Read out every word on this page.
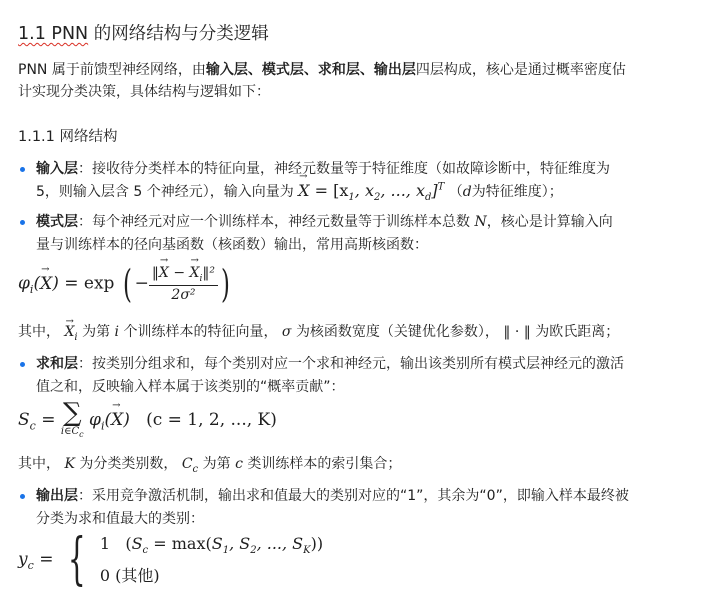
1.1 PNN 的网络结构与分类逻辑
PNN 属于前馈型神经网络，由输入层、模式层、求和层、输出层四层构成，核心是通过概率密度估
计实现分类决策，具体结构与逻辑如下：
1.1.1 网络结构
输入层：接收待分类样本的特征向量，神经元数量等于特征维度（如故障诊断中，特征维度为
5，则输入层含 5 个神经元），输入向量为 → $X = [x_1$, $x_2$, ..., $x_d]^T$ （d为特征维度）；
模式层：每个神经元对应一个训练样本，神经元数量等于训练样本总数 N，核心是计算输入向
量与训练样本的径向基函数（核函数）输出，常用高斯核函数：
$\varphi_i(\to X) = \exp$ ( − $\frac{‖\to X - \to X_i‖^2}{\text{2σ²}}$ )
其中， → $X_i$ 为第 i 个训练样本的特征向量， σ 为核函数宽度（关键优化参数）， ‖ · ‖ 为欧氏距离；
求和层：按类别分组求和，每个类别对应一个求和神经元，输出该类别所有模式层神经元的激活
值之和，反映输入样本属于该类别的“概率贡献”：
$S_c$ = ∑
$i\in C_c$
$\varphi_i(\to X) (c = 1$, 2, ..., K)
其中， K 为分类类别数， $C_c$ 为第 c 类训练样本的索引集合；
输出层：采用竞争激活机制，输出求和值最大的类别对应的“1”，其余为“0”，即输入样本最终被
分类为求和值最大的类别：
$y_c$ = { 1   ($S_c = \max(S_1$, $S_2$, ..., $S_K$))
0 (其他)
